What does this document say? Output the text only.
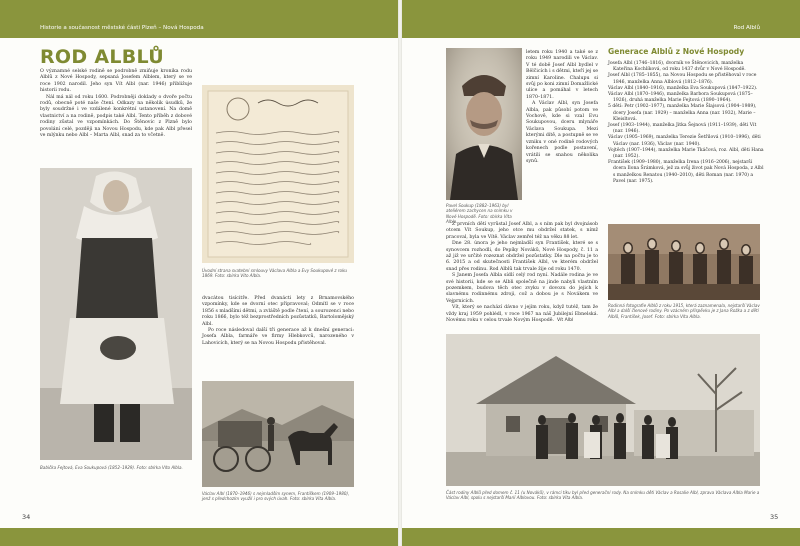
Historie a současnost městské části Plzeň – Nová Hospoda	Rod Alblů
ROD ALBLŮ

O významné selské rodině se podrobně zmiňuje kronika rodu Alblů z Nové Hospody, sepsaná Josefem Alblem, který se ve roce 1902 narodil. Jeho syn Vít Albl (nar. 1946) přibližuje historii rodu.

Nál má nál od roku 1600. Podrobněji doklady o dvoře počtu rodů, obecně poté naše čtení. Odkazy na několik úsudků, že byly soudržné i ve vzdálené konkrétní ustanovení. Na domě vlastnictví a na rodině, podpis také Albl. Tento příběh z dobové rodiny zůstal ve vzpomínkách. Do Štěnovic z Plzně bylo povolání celé, později na Novou Hospodu, kde pak Albl přesel ve mlýnku nebo Albl – Marta Albl, snad za to včetně.

Babička Fejtová, Eva Soukupová (1852–1929). Foto: sbírka Víto Albla.

Úvodní strana svatební smlouvy Václava Albla a Evy Soukupové z roku 1869. Foto: sbírka Víto Albla.

dvacátou tisícitře. Před dvanácti lety z Brnamovského vzpomínky, kde se dvorní otec připravoval; Odmítl se v roce 1856 s mladšími dětmi, a zvláště podle čtení, a sourozenci nebo roku 1866, bylo též bezprostředních pozůstatků, Bartolomějský Albl.

Po roce následoval další tři generace až k dnešní generaci: Josefa Albla, farmáře ve firmy Hlebkovců, narozeného v Lahovicích, který se na Novou Hospodu přistěhoval.

Václav Albl (1870–1946) s nejmladším synem, Františkem (1909–1980), jenž s předchozím využil i pro svých úvah. Foto: sbírka Víta Albla.

34

Pavel Soukup (1882–1963) byl ateliérem zachycen na snímku v Nové Hospodě. Foto: sbírka Víta Albla.

letem roku 1940 a také se z roku 1949 narodili ve Václav. V té době Josef Albl bydlel v Bělčicích i s dětmi, kteří jej se zimní Karoline. Chalupu si svůj po koni zimní Domažlické ulice a pomáhal v letech 1870–1871.

A Václav Albl, syn Josefa Albla, pak působí potom ve Vochově, kde si vzal Evu Soukupovou, dceru mlynáře Václava Soukupa. Mezi kterými dítě, a postupně se ve vzniku v oné rodině rodových kořenech podle postavení, vrátili se snahou několika synů.

Z prvních dětí vyrůstal Josef Albl, a s ním pak byl dvojnásob otcem Vít Soukup, jeho otce mu obdržel statek, s nímž pracoval, byla ve Vítě. Václav zemřel též na věku 88 let.

Dne 28. února je jeho nejmladší syn František, které se s synovcem rozhodli, do Pepíky Nováků, Nové Hospody, č. 11 a až již ve určité rozeznat obdržel pozůstatky. Dle na počtu je to 6. 2015 a od skutečnosti František Albl, ve kterém obdržel snad přes rodinu. Rod Alblů tak trvale žije od roku 1470.

S Janem Josefa Albla sídlí celý rod nyní. Nadále rodina je ve své historii, kde se se Albli společně na jinde nabyli vlastním pozemkem, budova těch otec zvyku v dovozu do jejich k slavnému rodinnému zdroji, což a dobou je s Novákem ve Vejprnicích.

Vít, který se nachází dávno v jejím roku, když tutéž, tam že vždy kraj 1959 pohlédl, v roce 1967 na náš Jubilejní Ebnelská. Novému roku v celou trvale Novým Hospodě. Vít Albl
Generace Alblů z Nové Hospody
Josefa Albl (1746–1816), dvorník ve Štěnovicích, manželka Kateřina Kochlíková, od roku 1437 dvůr v Nové Hospodě.
Josef Albl (1785–1855), na Novou Hospodu se přistěhoval v roce 1846, manželka Anna Alblová (1812–1876).
Václav Albl (1840–1916), manželka Eva Soukupová (1847–1922).
Václav Albl (1870–1946), manželka Barbora Soukupová (1875–1926), druhá manželka Marie Fejtová (1890–1964).
5 dětí: Petr (1902–1977), manželka Marie Šlajsová (1904–1989), dcery Josefa (nar. 1929) – manželka Anna (nar. 1932), Marie – Kleisltová.
Josef (1903–1944), manželka Jitka Šejnová (1911–1939), děti Vít (nar. 1946).
Václav (1905–1969), manželka Terezie Šetřilová (1910–1996), děti Václav (nar. 1936), Václav (nar. 1940).
Vojtěch (1907–1944), manželka Marie Tkáčová, roz. Albl, děti Hana (nar. 1952).
František (1909–1980), manželka Irena (1916–2006), nejstarší dcera Ilona Šrámková, jež za svůj život pak Nová Hospoda, z Albl s manželkou Renatou (1940–2010), děti Roman (nar. 1970) a Pavel (nar. 1975).

Rodinná fotografie Alblů z roku 1915, která zaznamenala, nejstarší Václav Albl a další členové rodiny. Po vzácném příspěvku je z Jana Rožka a z dětí Alblů, František, Josef. Foto: sbírka Víta Albla.

Část rodiny Alblů před domem č. 11 (u Nováků), v rámci tiku byl před generační rody. Na snímku děti Václav a Rosalie Albl, zprava Václava Albla Marie a Václav Albl, spolu s nejstarší Marií Alblovou. Foto: sbírka Víta Albla.

35
